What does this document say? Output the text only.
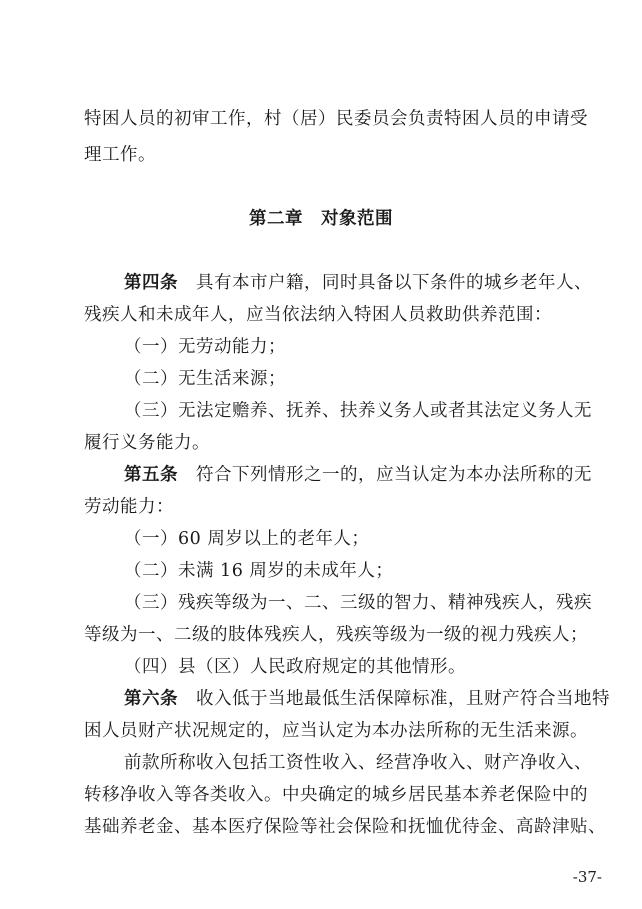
特困人员的初审工作，村（居）民委员会负责特困人员的申请受
理工作。
第二章　对象范围
第四条　 具有本市户籍，同时具备以下条件的城乡老年人、
残疾人和未成年人，应当依法纳入特困人员救助供养范围：
（一）无劳动能力；
（二）无生活来源；
（三）无法定赡养、抚养、扶养义务人或者其法定义务人无
履行义务能力。
第五条　 符合下列情形之一的，应当认定为本办法所称的无
劳动能力：
（一）60 周岁以上的老年人；
（二）未满 16 周岁的未成年人；
（三）残疾等级为一、二、三级的智力、精神残疾人，残疾
等级为一、二级的肢体残疾人，残疾等级为一级的视力残疾人；
（四）县（区）人民政府规定的其他情形。
第六条　 收入低于当地最低生活保障标准，且财产符合当地特
困人员财产状况规定的，应当认定为本办法所称的无生活来源。
前款所称收入包括工资性收入、经营净收入、财产净收入、
转移净收入等各类收入。中央确定的城乡居民基本养老保险中的
基础养老金、基本医疗保险等社会保险和抚恤优待金、高龄津贴、
-37-
